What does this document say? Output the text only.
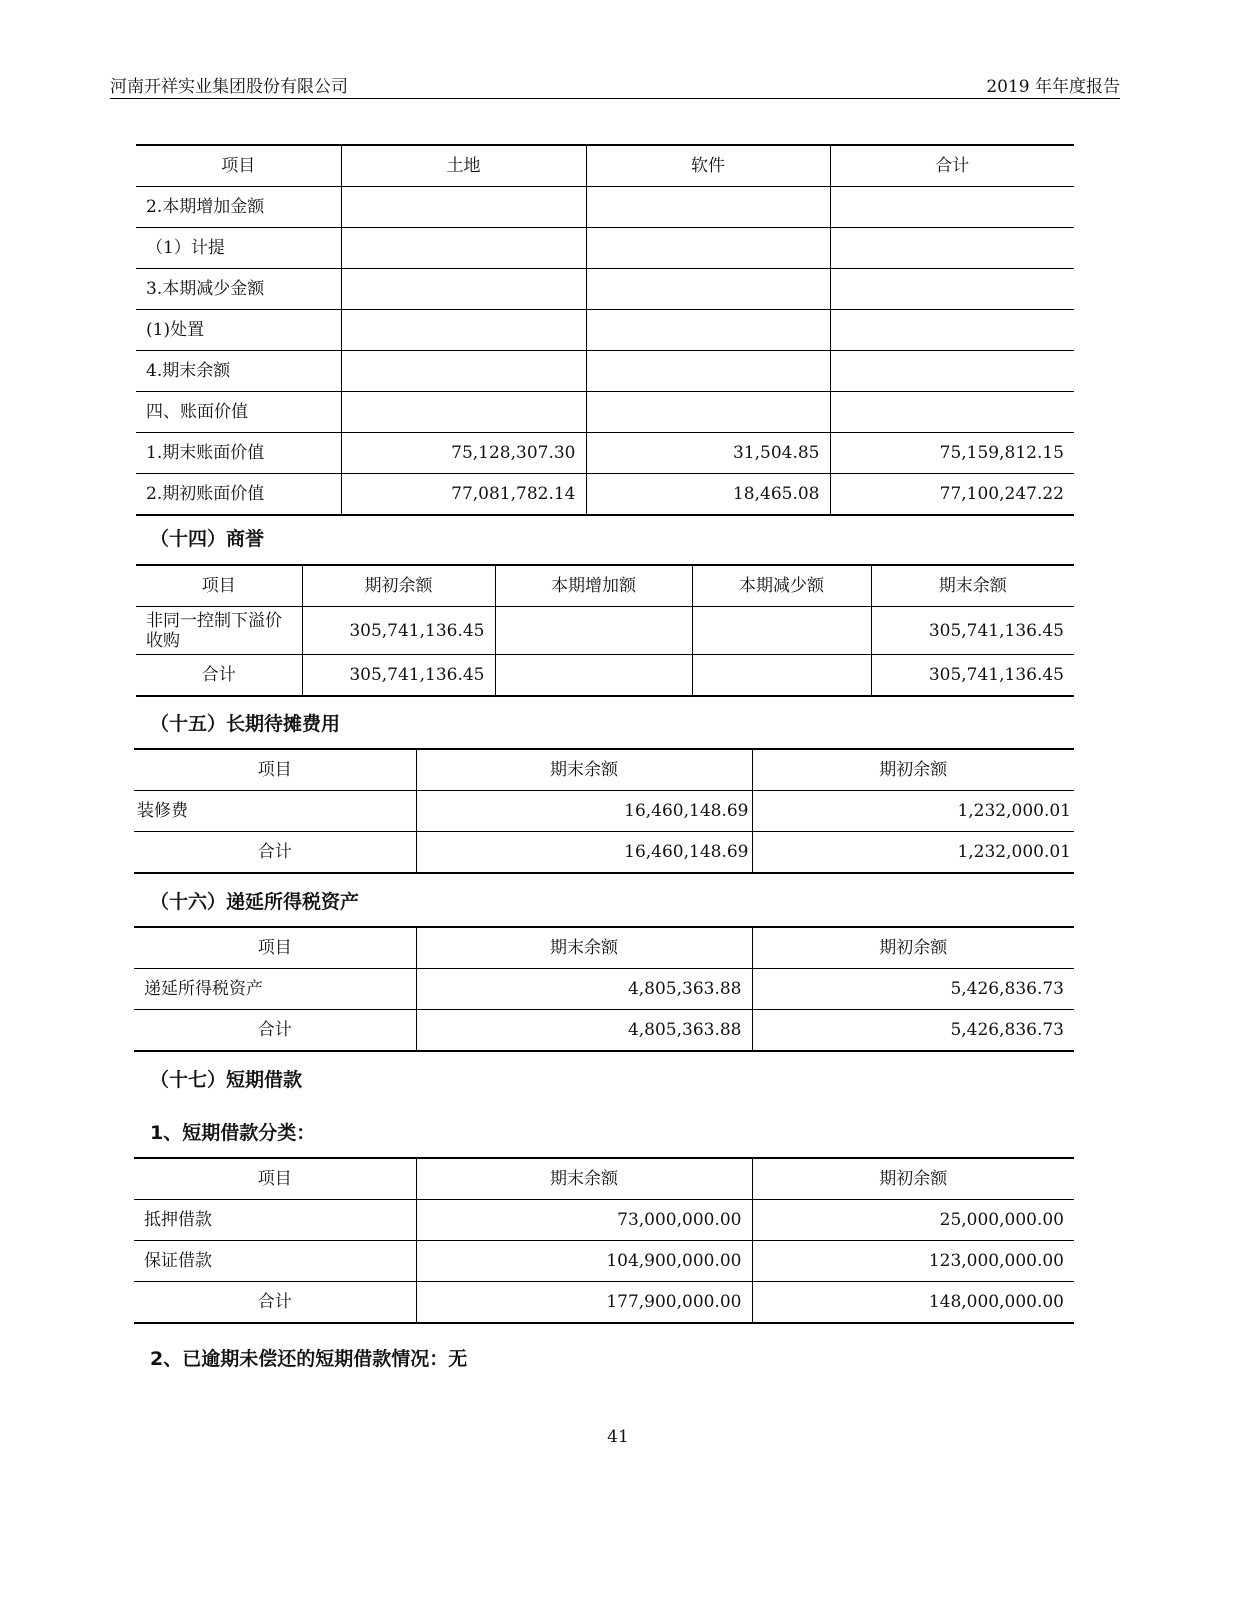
河南开祥实业集团股份有限公司	2019 年年度报告
项目	土地	软件	合计
2.本期增加金额			
（1）计提			
3.本期减少金额			
(1)处置			
4.期末余额			
四、账面价值			
1.期末账面价值	75,128,307.30	31,504.85	75,159,812.15
2.期初账面价值	77,081,782.14	18,465.08	77,100,247.22
（十四）商誉
项目	期初余额	本期增加额	本期减少额	期末余额
非同一控制下溢价收购	305,741,136.45			305,741,136.45
合计	305,741,136.45			305,741,136.45
（十五）长期待摊费用
项目	期末余额	期初余额
装修费	16,460,148.69	1,232,000.01
合计	16,460,148.69	1,232,000.01
（十六）递延所得税资产
项目	期末余额	期初余额
递延所得税资产	4,805,363.88	5,426,836.73
合计	4,805,363.88	5,426,836.73
（十七）短期借款
1、短期借款分类：
项目	期末余额	期初余额
抵押借款	73,000,000.00	25,000,000.00
保证借款	104,900,000.00	123,000,000.00
合计	177,900,000.00	148,000,000.00
2、已逾期未偿还的短期借款情况：无
41
